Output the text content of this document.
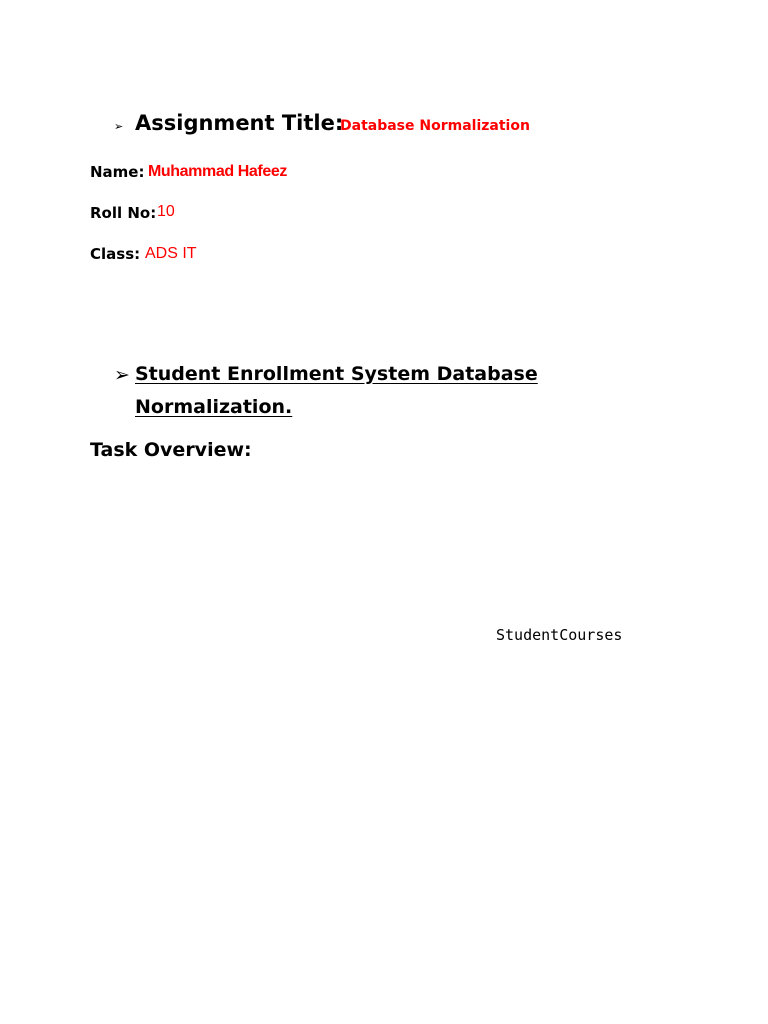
➢ Assignment Title:
Database Normalization
Name: Muhammad Hafeez
Roll No: 10
Class: ADS IT
➢ Student Enrollment System Database
Normalization.
Task Overview:
StudentCourses
